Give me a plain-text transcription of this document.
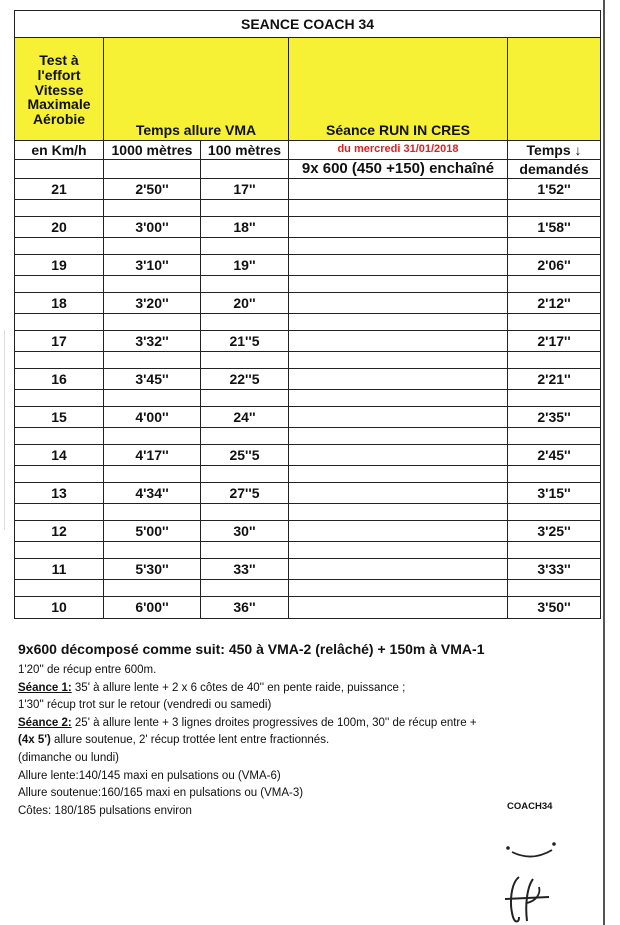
SEANCE COACH 34				

Test à
l'effort
Vitesse
Maximale
Aérobie	Temps allure VMA		Séance RUN IN CRES	
en Km/h	1000 mètres	100 mètres	du mercredi 31/01/2018	Temps ↓
			9x 600 (450 +150) enchaîné	demandés
21	2'50''	17''		1'52''

20	3'00''	18''		1'58''

19	3'10''	19''		2'06''

18	3'20''	20''		2'12''

17	3'32''	21''5		2'17''

16	3'45''	22''5		2'21''

15	4'00''	24''		2'35''

14	4'17''	25''5		2'45''

13	4'34''	27''5		3'15''

12	5'00''	30''		3'25''

11	5'30''	33''		3'33''

10	6'00''	36''		3'50''

9x600 décomposé comme suit: 450 à VMA-2 (relâché) + 150m à VMA-1

1'20'' de récup entre 600m.

Séance 1: 35' à allure lente + 2 x 6 côtes de 40'' en pente raide, puissance ;

1'30'' récup trot sur le retour (vendredi ou samedi)

Séance 2: 25' à allure lente + 3 lignes droites progressives de 100m, 30'' de récup entre +

(4x 5') allure soutenue, 2' récup trottée lent entre fractionnés.

(dimanche ou lundi)

Allure lente:140/145 maxi en pulsations ou (VMA-6)

Allure soutenue:160/165 maxi en pulsations ou (VMA-3)

Côtes: 180/185 pulsations environ	COACH34
